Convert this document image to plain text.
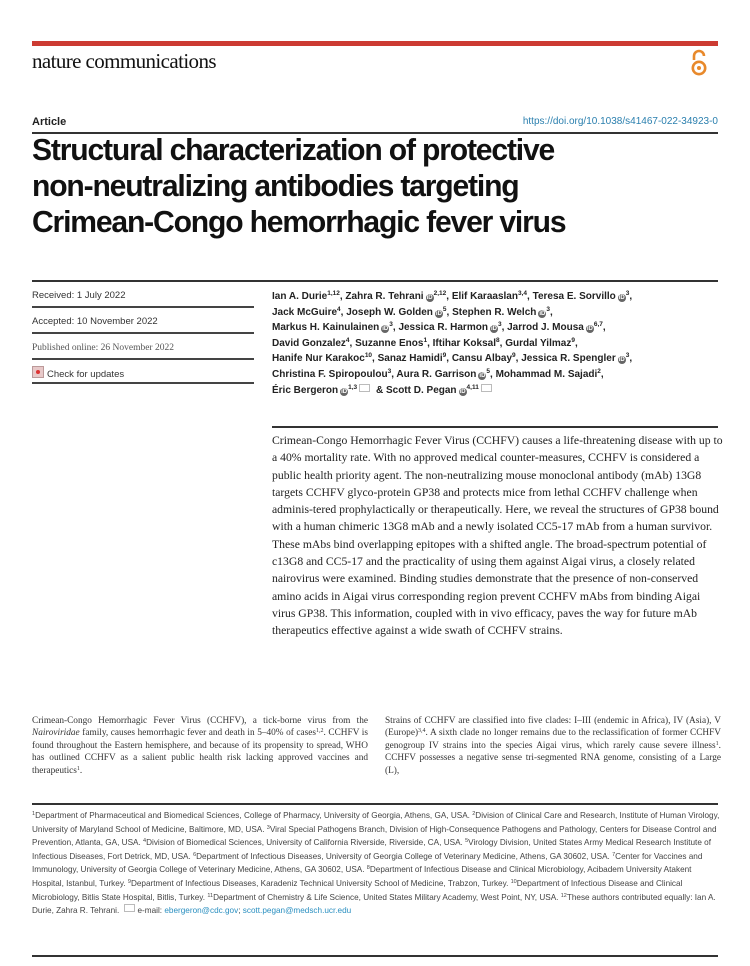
nature communications
Article	https://doi.org/10.1038/s41467-022-34923-0
Structural characterization of protective
non-neutralizing antibodies targeting
Crimean-Congo hemorrhagic fever virus
Received: 1 July 2022
Accepted: 10 November 2022
Published online: 26 November 2022
Check for updates
Ian A. Durie$^{1,12}$, Zahra R. Tehrani iD$^{2,12}$, Elif Karaaslan$^{3,4}$, Teresa E. Sorvillo $iD^3$,
Jack McGuire$^4$, Joseph W. Golden $iD^5$, Stephen R. Welch $iD^3$,
Markus H. Kainulainen $iD^3$, Jessica R. Harmon $iD^3$, Jarrod J. Mousa iD$^{6,7}$,
David Gonzalez$^4$, Suzanne Enos$^1$, Iftihar Koksal$^8$, Gurdal Yilmaz$^9$,
Hanife Nur Karakoc$^{10}$, Sanaz Hamidi$^9$, Cansu Albay$^9$, Jessica R. Spengler $iD^3$,
Christina F. Spiropoulou$^3$, Aura R. Garrison $iD^5$, Mohammad M. Sajadi$^2$,
Éric Bergeron iD$^{1,3}$ & Scott D. Pegan iD$^{4,11}$
Crimean-Congo Hemorrhagic Fever Virus (CCHFV) causes a life-threatening disease with up to a 40% mortality rate. With no approved medical counter-measures, CCHFV is considered a public health priority agent. The non-neutralizing mouse monoclonal antibody (mAb) 13G8 targets CCHFV glyco-protein GP38 and protects mice from lethal CCHFV challenge when adminis-tered prophylactically or therapeutically. Here, we reveal the structures of GP38 bound with a human chimeric 13G8 mAb and a newly isolated CC5-17 mAb from a human survivor. These mAbs bind overlapping epitopes with a shifted angle. The broad-spectrum potential of c13G8 and CC5-17 and the practicality of using them against Aigai virus, a closely related nairovirus were examined. Binding studies demonstrate that the presence of non-conserved amino acids in Aigai virus corresponding region prevent CCHFV mAbs from binding Aigai virus GP38. This information, coupled with in vivo efficacy, paves the way for future mAb therapeutics effective against a wide swath of CCHFV strains.
Crimean-Congo Hemorrhagic Fever Virus (CCHFV), a tick-borne virus from the Nairoviridae family, causes hemorrhagic fever and death in 5–40% of cases$^{1,2}$. CCHFV is found throughout the Eastern hemisphere, and because of its propensity to spread, WHO has outlined CCHFV as a salient public health risk lacking approved vaccines and therapeutics$^1$.
Strains of CCHFV are classified into five clades: I–III (endemic in Africa), IV (Asia), V (Europe)$^{3,4}$. A sixth clade no longer remains due to the reclassification of former CCHFV genogroup IV strains into the species Aigai virus, which rarely cause severe illness$^1$. CCHFV possesses a negative sense tri-segmented RNA genome, consisting of a Large (L),
$^1$Department of Pharmaceutical and Biomedical Sciences, College of Pharmacy, University of Georgia, Athens, GA, USA. $^2$Division of Clinical Care and Research, Institute of Human Virology, University of Maryland School of Medicine, Baltimore, MD, USA. $^3$Viral Special Pathogens Branch, Division of High-Consequence Pathogens and Pathology, Centers for Disease Control and Prevention, Atlanta, GA, USA. $^4$Division of Biomedical Sciences, University of California Riverside, Riverside, CA, USA. $^5$Virology Division, United States Army Medical Research Institute of Infectious Diseases, Fort Detrick, MD, USA. $^6$Department of Infectious Diseases, University of Georgia College of Veterinary Medicine, Athens, GA 30602, USA. $^7$Center for Vaccines and Immunology, University of Georgia College of Veterinary Medicine, Athens, GA 30602, USA. $^8$Department of Infectious Disease and Clinical Microbiology, Acibadem University Atakent Hospital, Istanbul, Turkey. $^9$Department of Infectious Diseases, Karadeniz Technical University School of Medicine, Trabzon, Turkey. $^{10}$Department of Infectious Disease and Clinical Microbiology, Bitlis State Hospital, Bitlis, Turkey. $^{11}$Department of Chemistry & Life Science, United States Military Academy, West Point, NY, USA. $^{12}$These authors contributed equally: Ian A. Durie, Zahra R. Tehrani. e-mail: ebergeron@cdc.gov; scott.pegan@medsch.ucr.edu
